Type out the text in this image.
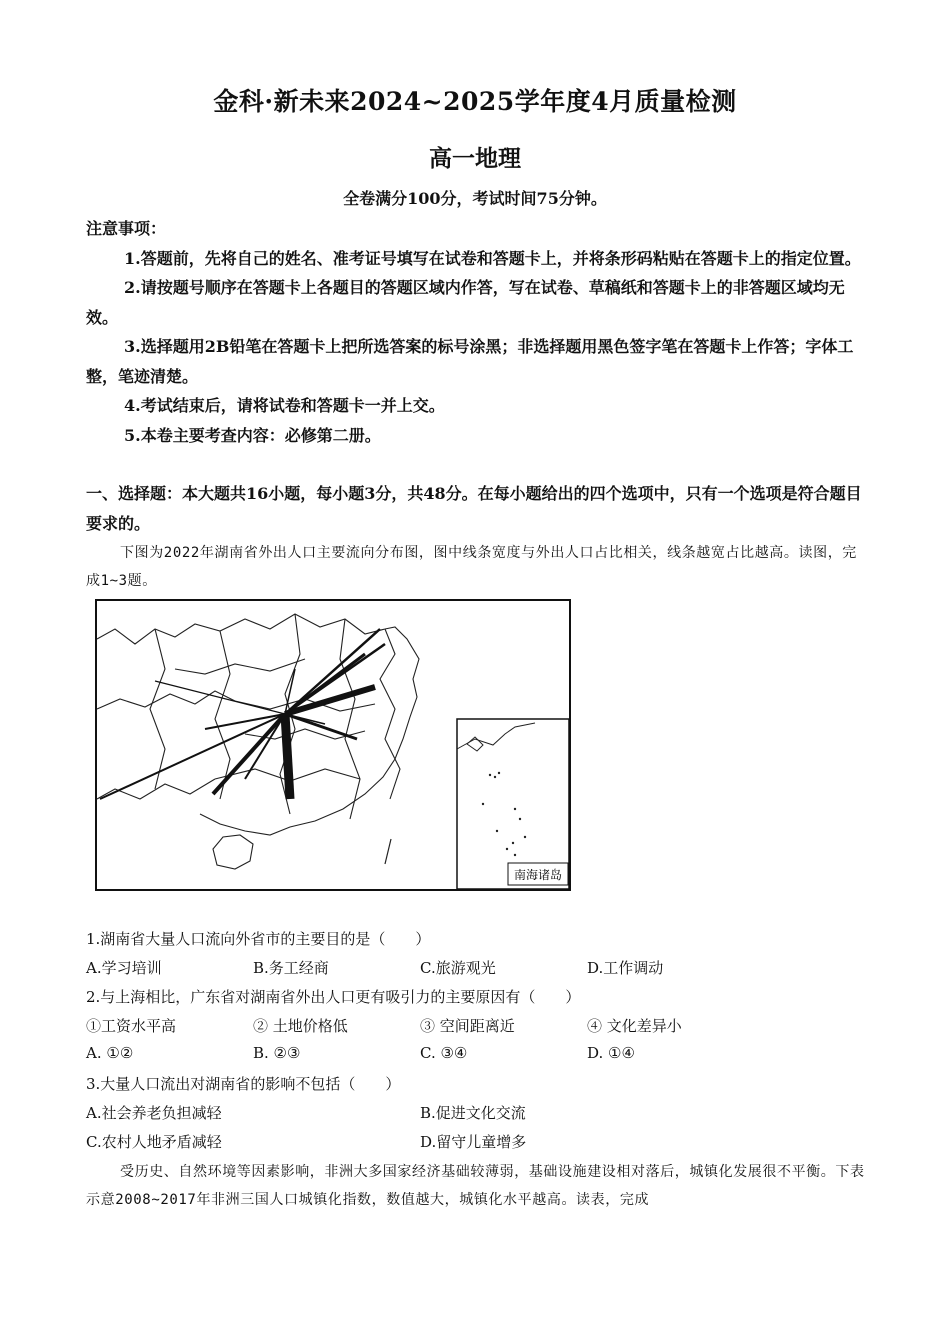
金科·新未来2024~2025学年度4月质量检测
高一地理
全卷满分100分，考试时间75分钟。

注意事项：

1.答题前，先将自己的姓名、准考证号填写在试卷和答题卡上，并将条形码粘贴在答题卡上的指定位置。

2.请按题号顺序在答题卡上各题目的答题区域内作答，写在试卷、草稿纸和答题卡上的非答题区域均无效。

3.选择题用2B铅笔在答题卡上把所选答案的标号涂黑；非选择题用黑色签字笔在答题卡上作答；字体工整，笔迹清楚。

4.考试结束后，请将试卷和答题卡一并上交。

5.本卷主要考查内容：必修第二册。

一、选择题：本大题共16小题，每小题3分，共48分。在每小题给出的四个选项中，只有一个选项是符合题目要求的。
下图为2022年湖南省外出人口主要流向分布图，图中线条宽度与外出人口占比相关，线条越宽占比越高。读图，完成1~3题。
南海诸岛
1.湖南省大量人口流向外省市的主要目的是（　　）
A.学习培训	B.务工经商	C.旅游观光	D.工作调动
2.与上海相比，广东省对湖南省外出人口更有吸引力的主要原因有（　　）
①工资水平高	② 土地价格低	③ 空间距离近	④ 文化差异小
A. ①②	B. ②③	C. ③④	D. ①④
3.大量人口流出对湖南省的影响不包括（　　）
A.社会养老负担减轻	B.促进文化交流
C.农村人地矛盾减轻	D.留守儿童增多
受历史、自然环境等因素影响，非洲大多国家经济基础较薄弱，基础设施建设相对落后，城镇化发展很不平衡。下表示意2008~2017年非洲三国人口城镇化指数，数值越大，城镇化水平越高。读表，完成
